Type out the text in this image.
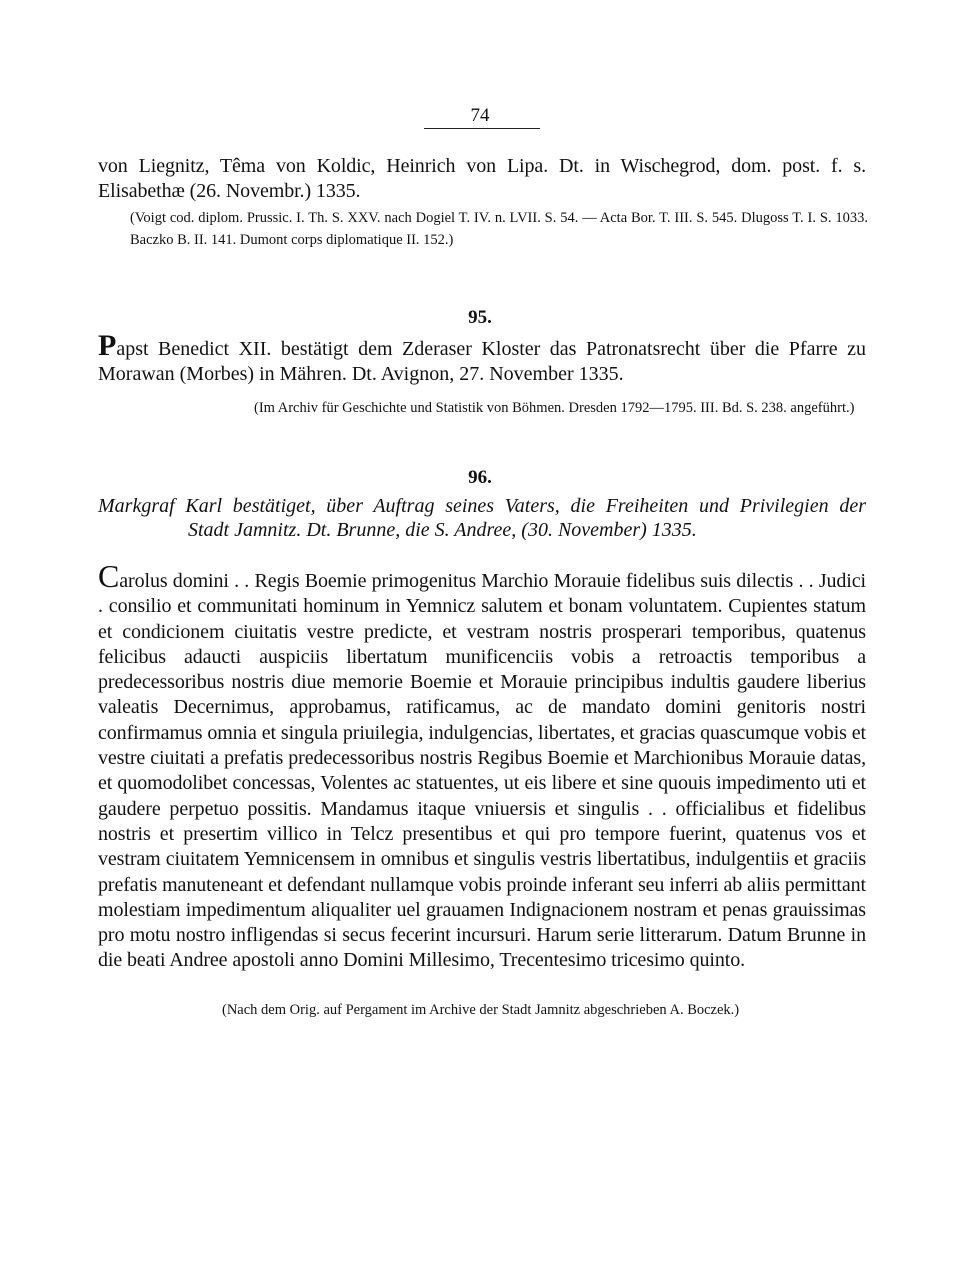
74

von Liegnitz, Têma von Koldic, Heinrich von Lipa. Dt. in Wischegrod, dom. post. f. s. Elisabethæ (26. Novembr.) 1335.

(Voigt cod. diplom. Prussic. I. Th. S. XXV. nach Dogiel T. IV. n. LVII. S. 54. — Acta Bor. T. III. S. 545. Dlugoss T. I. S. 1033. Baczko B. II. 141. Dumont corps diplomatique II. 152.)

95.

Papst Benedict XII. bestätigt dem Zderaser Kloster das Patronatsrecht über die Pfarre zu Morawan (Morbes) in Mähren. Dt. Avignon, 27. November 1335.

(Im Archiv für Geschichte und Statistik von Böhmen. Dresden 1792—1795. III. Bd. S. 238. angeführt.)

96.
Markgraf Karl bestätiget, über Auftrag seines Vaters, die Freiheiten und Privilegien der
Stadt Jamnitz. Dt. Brunne, die S. Andree, (30. November) 1335.

Carolus domini . . Regis Boemie primogenitus Marchio Morauie fidelibus suis dilectis . . Judici . consilio et communitati hominum in Yemnicz salutem et bonam voluntatem. Cupientes statum et condicionem ciuitatis vestre predicte, et vestram nostris prosperari temporibus, quatenus felicibus adaucti auspiciis libertatum munificenciis vobis a retroactis temporibus a predecessoribus nostris diue memorie Boemie et Morauie principibus indultis gaudere liberius valeatis Decernimus, approbamus, ratificamus, ac de mandato domini genitoris nostri confirmamus omnia et singula priuilegia, indulgencias, libertates, et gracias quascumque vobis et vestre ciuitati a prefatis predecessoribus nostris Regibus Boemie et Marchionibus Morauie datas, et quomodolibet concessas, Volentes ac statuentes, ut eis libere et sine quouis impedimento uti et gaudere perpetuo possitis. Mandamus itaque vniuersis et singulis . . officialibus et fidelibus nostris et presertim villico in Telcz presentibus et qui pro tempore fuerint, quatenus vos et vestram ciuitatem Yemnicensem in omnibus et singulis vestris libertatibus, indulgentiis et graciis prefatis manuteneant et defendant nullamque vobis proinde inferant seu inferri ab aliis permittant molestiam impedimentum aliqualiter uel grauamen Indignacionem nostram et penas grauissimas pro motu nostro infligendas si secus fecerint incursuri. Harum serie litterarum. Datum Brunne in die beati Andree apostoli anno Domini Millesimo, Trecentesimo tricesimo quinto.

(Nach dem Orig. auf Pergament im Archive der Stadt Jamnitz abgeschrieben A. Boczek.)
